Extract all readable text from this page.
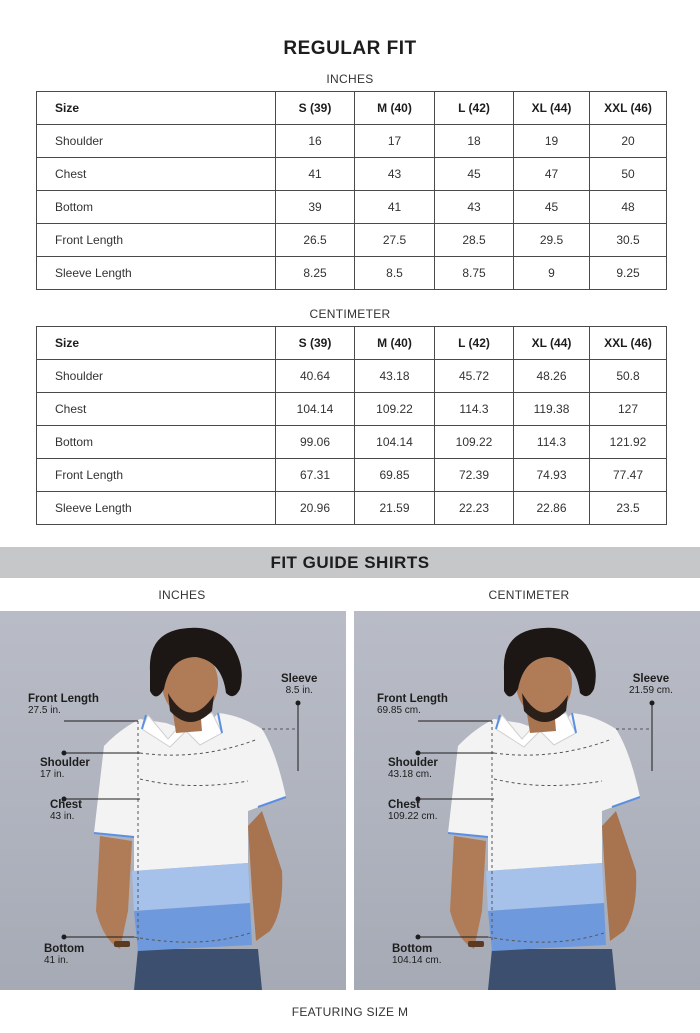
REGULAR FIT
INCHES
Size	S (39)	M (40)	L (42)	XL (44)	XXL (46)
Shoulder	16	17	18	19	20
Chest	41	43	45	47	50
Bottom	39	41	43	45	48
Front Length	26.5	27.5	28.5	29.5	30.5
Sleeve Length	8.25	8.5	8.75	9	9.25
CENTIMETER
Size	S (39)	M (40)	L (42)	XL (44)	XXL (46)
Shoulder	40.64	43.18	45.72	48.26	50.8
Chest	104.14	109.22	114.3	119.38	127
Bottom	99.06	104.14	109.22	114.3	121.92
Front Length	67.31	69.85	72.39	74.93	77.47
Sleeve Length	20.96	21.59	22.23	22.86	23.5
FIT GUIDE SHIRTS
INCHES	CENTIMETER
Front Length
27.5 in.
Shoulder
17 in.
Chest
43 in.
Bottom
41 in.
Sleeve
8.5 in.
Front Length
69.85 cm.
Shoulder
43.18 cm.
Chest
109.22 cm.
Bottom
104.14 cm.
Sleeve
21.59 cm.
FEATURING SIZE M
